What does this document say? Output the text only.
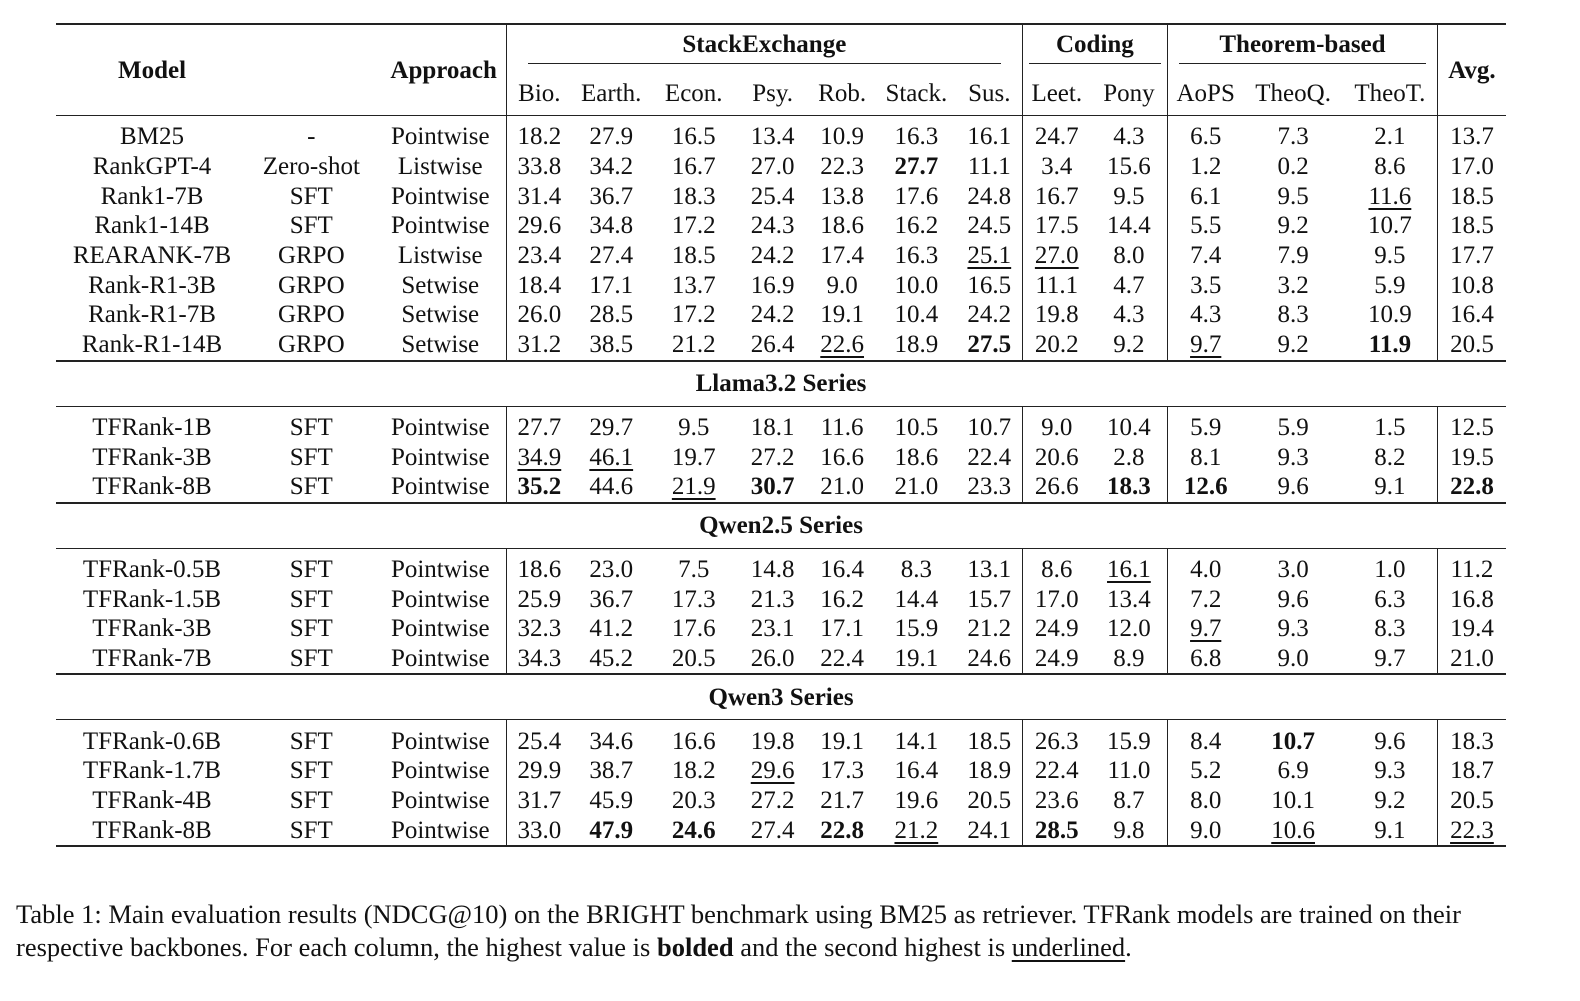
Model	Approach		StackExchange							Coding		Theorem-based			Avg.
			Bio.	Earth.	Econ.	Psy.	Rob.	Stack.	Sus.	Leet.	Pony	AoPS	TheoQ.	TheoT.	

BM25	-	Pointwise	18.2	27.9	16.5	13.4	10.9	16.3	16.1	24.7	4.3	6.5	7.3	2.1	13.7
RankGPT-4	Zero-shot	Listwise	33.8	34.2	16.7	27.0	22.3	27.7	11.1	3.4	15.6	1.2	0.2	8.6	17.0
Rank1-7B	SFT	Pointwise	31.4	36.7	18.3	25.4	13.8	17.6	24.8	16.7	9.5	6.1	9.5	11.6	18.5
Rank1-14B	SFT	Pointwise	29.6	34.8	17.2	24.3	18.6	16.2	24.5	17.5	14.4	5.5	9.2	10.7	18.5
REARANK-7B	GRPO	Listwise	23.4	27.4	18.5	24.2	17.4	16.3	25.1	27.0	8.0	7.4	7.9	9.5	17.7
Rank-R1-3B	GRPO	Setwise	18.4	17.1	13.7	16.9	9.0	10.0	16.5	11.1	4.7	3.5	3.2	5.9	10.8
Rank-R1-7B	GRPO	Setwise	26.0	28.5	17.2	24.2	19.1	10.4	24.2	19.8	4.3	4.3	8.3	10.9	16.4
Rank-R1-14B	GRPO	Setwise	31.2	38.5	21.2	26.4	22.6	18.9	27.5	20.2	9.2	9.7	9.2	11.9	20.5
Llama3.2 Series															

TFRank-1B	SFT	Pointwise	27.7	29.7	9.5	18.1	11.6	10.5	10.7	9.0	10.4	5.9	5.9	1.5	12.5
TFRank-3B	SFT	Pointwise	34.9	46.1	19.7	27.2	16.6	18.6	22.4	20.6	2.8	8.1	9.3	8.2	19.5
TFRank-8B	SFT	Pointwise	35.2	44.6	21.9	30.7	21.0	21.0	23.3	26.6	18.3	12.6	9.6	9.1	22.8
Qwen2.5 Series															

TFRank-0.5B	SFT	Pointwise	18.6	23.0	7.5	14.8	16.4	8.3	13.1	8.6	16.1	4.0	3.0	1.0	11.2
TFRank-1.5B	SFT	Pointwise	25.9	36.7	17.3	21.3	16.2	14.4	15.7	17.0	13.4	7.2	9.6	6.3	16.8
TFRank-3B	SFT	Pointwise	32.3	41.2	17.6	23.1	17.1	15.9	21.2	24.9	12.0	9.7	9.3	8.3	19.4
TFRank-7B	SFT	Pointwise	34.3	45.2	20.5	26.0	22.4	19.1	24.6	24.9	8.9	6.8	9.0	9.7	21.0
Qwen3 Series															

TFRank-0.6B	SFT	Pointwise	25.4	34.6	16.6	19.8	19.1	14.1	18.5	26.3	15.9	8.4	10.7	9.6	18.3
TFRank-1.7B	SFT	Pointwise	29.9	38.7	18.2	29.6	17.3	16.4	18.9	22.4	11.0	5.2	6.9	9.3	18.7
TFRank-4B	SFT	Pointwise	31.7	45.9	20.3	27.2	21.7	19.6	20.5	23.6	8.7	8.0	10.1	9.2	20.5
TFRank-8B	SFT	Pointwise	33.0	47.9	24.6	27.4	22.8	21.2	24.1	28.5	9.8	9.0	10.6	9.1	22.3
Table 1: Main evaluation results (NDCG@10) on the BRIGHT benchmark using BM25 as retriever. TFRank models are trained on their respective backbones. For each column, the highest value is bolded and the second highest is underlined.
